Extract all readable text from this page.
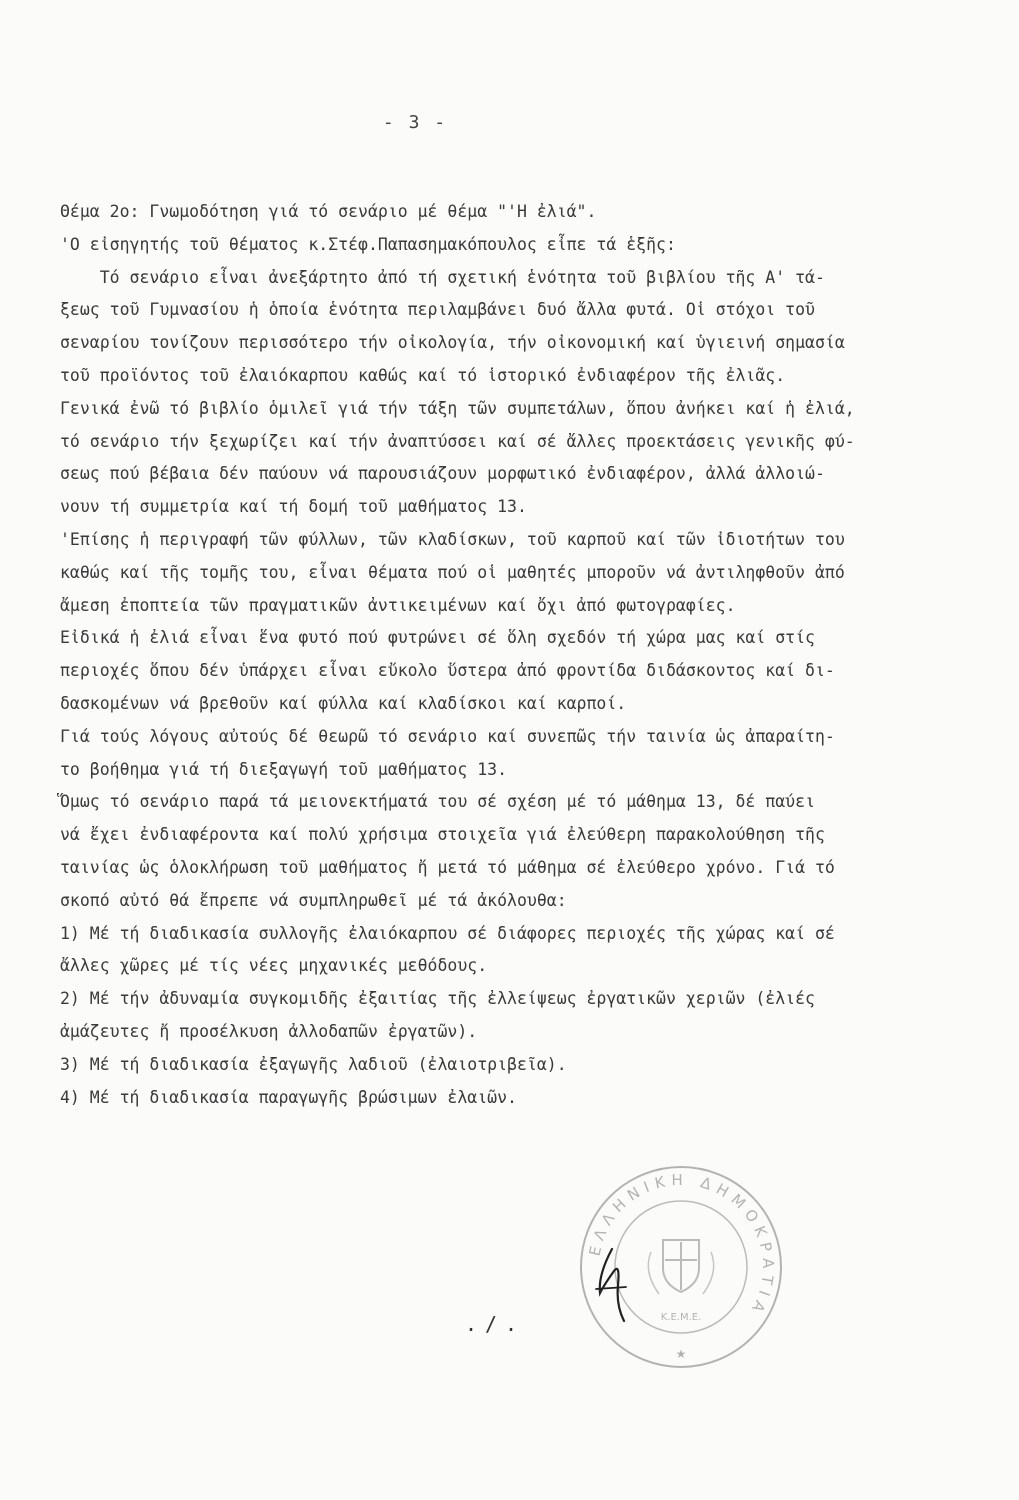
- 3 -
Θέμα 2ο: Γνωμοδότηση γιά τό σενάριο μέ θέμα "'Η ἐλιά".
'Ο εἰσηγητής τοῦ θέματος κ.Στέφ.Παπασημακόπουλος εἶπε τά ἑξῆς:
Τό σενάριο εἶναι ἀνεξάρτητο ἀπό τή σχετική ἑνότητα τοῦ βιβλίου τῆς Α' τά-
ξεως τοῦ Γυμνασίου ἡ ὁποία ἑνότητα περιλαμβάνει δυό ἄλλα φυτά. Οἱ στόχοι τοῦ
σεναρίου τονίζουν περισσότερο τήν οἰκολογία, τήν οἰκονομική καί ὑγιεινή σημασία
τοῦ προϊόντος τοῦ ἐλαιόκαρπου καθώς καί τό ἱστορικό ἐνδιαφέρον τῆς ἐλιᾶς.
Γενικά ἐνῶ τό βιβλίο ὁμιλεῖ γιά τήν τάξη τῶν συμπετάλων, ὅπου ἀνήκει καί ἡ ἐλιά,
τό σενάριο τήν ξεχωρίζει καί τήν ἀναπτύσσει καί σέ ἄλλες προεκτάσεις γενικῆς φύ-
σεως πού βέβαια δέν παύουν νά παρουσιάζουν μορφωτικό ἐνδιαφέρον, ἀλλά ἀλλοιώ-
νουν τή συμμετρία καί τή δομή τοῦ μαθήματος 13.
'Επίσης ἡ περιγραφή τῶν φύλλων, τῶν κλαδίσκων, τοῦ καρποῦ καί τῶν ἰδιοτήτων του
καθώς καί τῆς τομῆς του, εἶναι θέματα πού οἱ μαθητές μποροῦν νά ἀντιληφθοῦν ἀπό
ἄμεση ἐποπτεία τῶν πραγματικῶν ἀντικειμένων καί ὄχι ἀπό φωτογραφίες.
Εἰδικά ἡ ἐλιά εἶναι ἕνα φυτό πού φυτρώνει σέ ὅλη σχεδόν τή χώρα μας καί στίς
περιοχές ὅπου δέν ὑπάρχει εἶναι εὔκολο ὕστερα ἀπό φροντίδα διδάσκοντος καί δι-
δασκομένων νά βρεθοῦν καί φύλλα καί κλαδίσκοι καί καρποί.
Γιά τούς λόγους αὐτούς δέ θεωρῶ τό σενάριο καί συνεπῶς τήν ταινία ὡς ἀπαραίτη-
το βοήθημα γιά τή διεξαγωγή τοῦ μαθήματος 13.
Ὅμως τό σενάριο παρά τά μειονεκτήματά του σέ σχέση μέ τό μάθημα 13, δέ παύει
νά ἔχει ἐνδιαφέροντα καί πολύ χρήσιμα στοιχεῖα γιά ἐλεύθερη παρακολούθηση τῆς
ταινίας ὡς ὁλοκλήρωση τοῦ μαθήματος ἤ μετά τό μάθημα σέ ἐλεύθερο χρόνο. Γιά τό
σκοπό αὐτό θά ἔπρεπε νά συμπληρωθεῖ μέ τά ἀκόλουθα:
1) Μέ τή διαδικασία συλλογῆς ἐλαιόκαρπου σέ διάφορες περιοχές τῆς χώρας καί σέ
ἄλλες χῶρες μέ τίς νέες μηχανικές μεθόδους.
2) Μέ τήν ἀδυναμία συγκομιδῆς ἐξαιτίας τῆς ἐλλείψεως ἐργατικῶν χεριῶν (ἐλιές
ἀμάζευτες ἤ προσέλκυση ἀλλοδαπῶν ἐργατῶν).
3) Μέ τή διαδικασία ἐξαγωγῆς λαδιοῦ (ἐλαιοτριβεῖα).
4) Μέ τή διαδικασία παραγωγῆς βρώσιμων ἐλαιῶν.
ΕΛΛΗΝΙΚΗ ΔΗΜΟΚΡΑΤΙΑ
Κ.Ε.Μ.Ε.
★
./.
